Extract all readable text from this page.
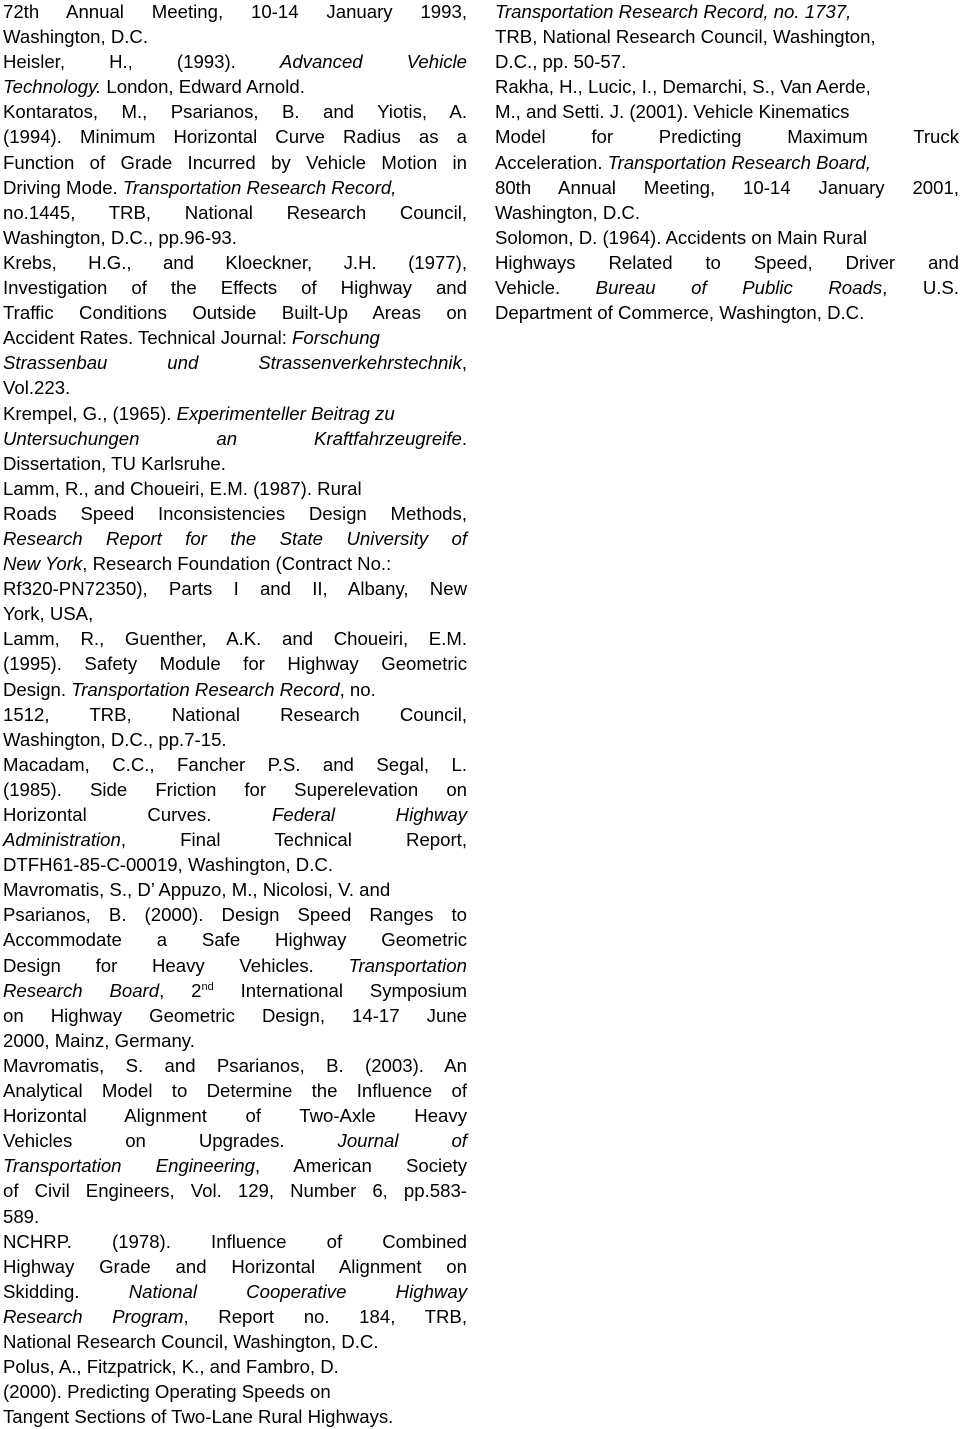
72th Annual Meeting, 10-14 January 1993,
Washington, D.C.
Heisler, H., (1993). Advanced Vehicle
Technology. London, Edward Arnold.
Kontaratos, M., Psarianos, B. and Yiotis, A.
(1994). Minimum Horizontal Curve Radius as a
Function of Grade Incurred by Vehicle Motion in
Driving Mode. Transportation Research Record,
no.1445, TRB, National Research Council,
Washington, D.C., pp.96-93.
Krebs, H.G., and Kloeckner, J.H. (1977),
Investigation of the Effects of Highway and
Traffic Conditions Outside Built-Up Areas on
Accident Rates. Technical Journal: Forschung
Strassenbau und Strassenverkehrstechnik,
Vol.223.
Krempel, G., (1965). Experimenteller Beitrag zu
Untersuchungen an Kraftfahrzeugreife.
Dissertation, TU Karlsruhe.
Lamm, R., and Choueiri, E.M. (1987). Rural
Roads Speed Inconsistencies Design Methods,
Research Report for the State University of
New York, Research Foundation (Contract No.:
Rf320-PN72350), Parts I and II, Albany, New
York, USA,
Lamm, R., Guenther, A.K. and Choueiri, E.M.
(1995). Safety Module for Highway Geometric
Design. Transportation Research Record, no.
1512, TRB, National Research Council,
Washington, D.C., pp.7-15.
Macadam, C.C., Fancher P.S. and Segal, L.
(1985). Side Friction for Superelevation on
Horizontal Curves. Federal Highway
Administration, Final Technical Report,
DTFH61-85-C-00019, Washington, D.C.
Mavromatis, S., D’ Appuzo, M., Nicolosi, V. and
Psarianos, B. (2000). Design Speed Ranges to
Accommodate a Safe Highway Geometric
Design for Heavy Vehicles. Transportation
Research Board, 2nd International Symposium
on Highway Geometric Design, 14-17 June
2000, Mainz, Germany.
Mavromatis, S. and Psarianos, B. (2003). An
Analytical Model to Determine the Influence of
Horizontal Alignment of Two-Axle Heavy
Vehicles on Upgrades. Journal of
Transportation Engineering, American Society
of Civil Engineers, Vol. 129, Number 6, pp.583-
589.
NCHRP. (1978). Influence of Combined
Highway Grade and Horizontal Alignment on
Skidding. National Cooperative Highway
Research Program, Report no. 184, TRB,
National Research Council, Washington, D.C.
Polus, A., Fitzpatrick, K., and Fambro, D.
(2000). Predicting Operating Speeds on
Tangent Sections of Two-Lane Rural Highways.
Transportation Research Record, no. 1737,
TRB, National Research Council, Washington,
D.C., pp. 50-57.
Rakha, H., Lucic, I., Demarchi, S., Van Aerde,
M., and Setti. J. (2001). Vehicle Kinematics
Model for Predicting Maximum Truck
Acceleration. Transportation Research Board,
80th Annual Meeting, 10-14 January 2001,
Washington, D.C.
Solomon, D. (1964). Accidents on Main Rural
Highways Related to Speed, Driver and
Vehicle. Bureau of Public Roads, U.S.
Department of Commerce, Washington, D.C.
